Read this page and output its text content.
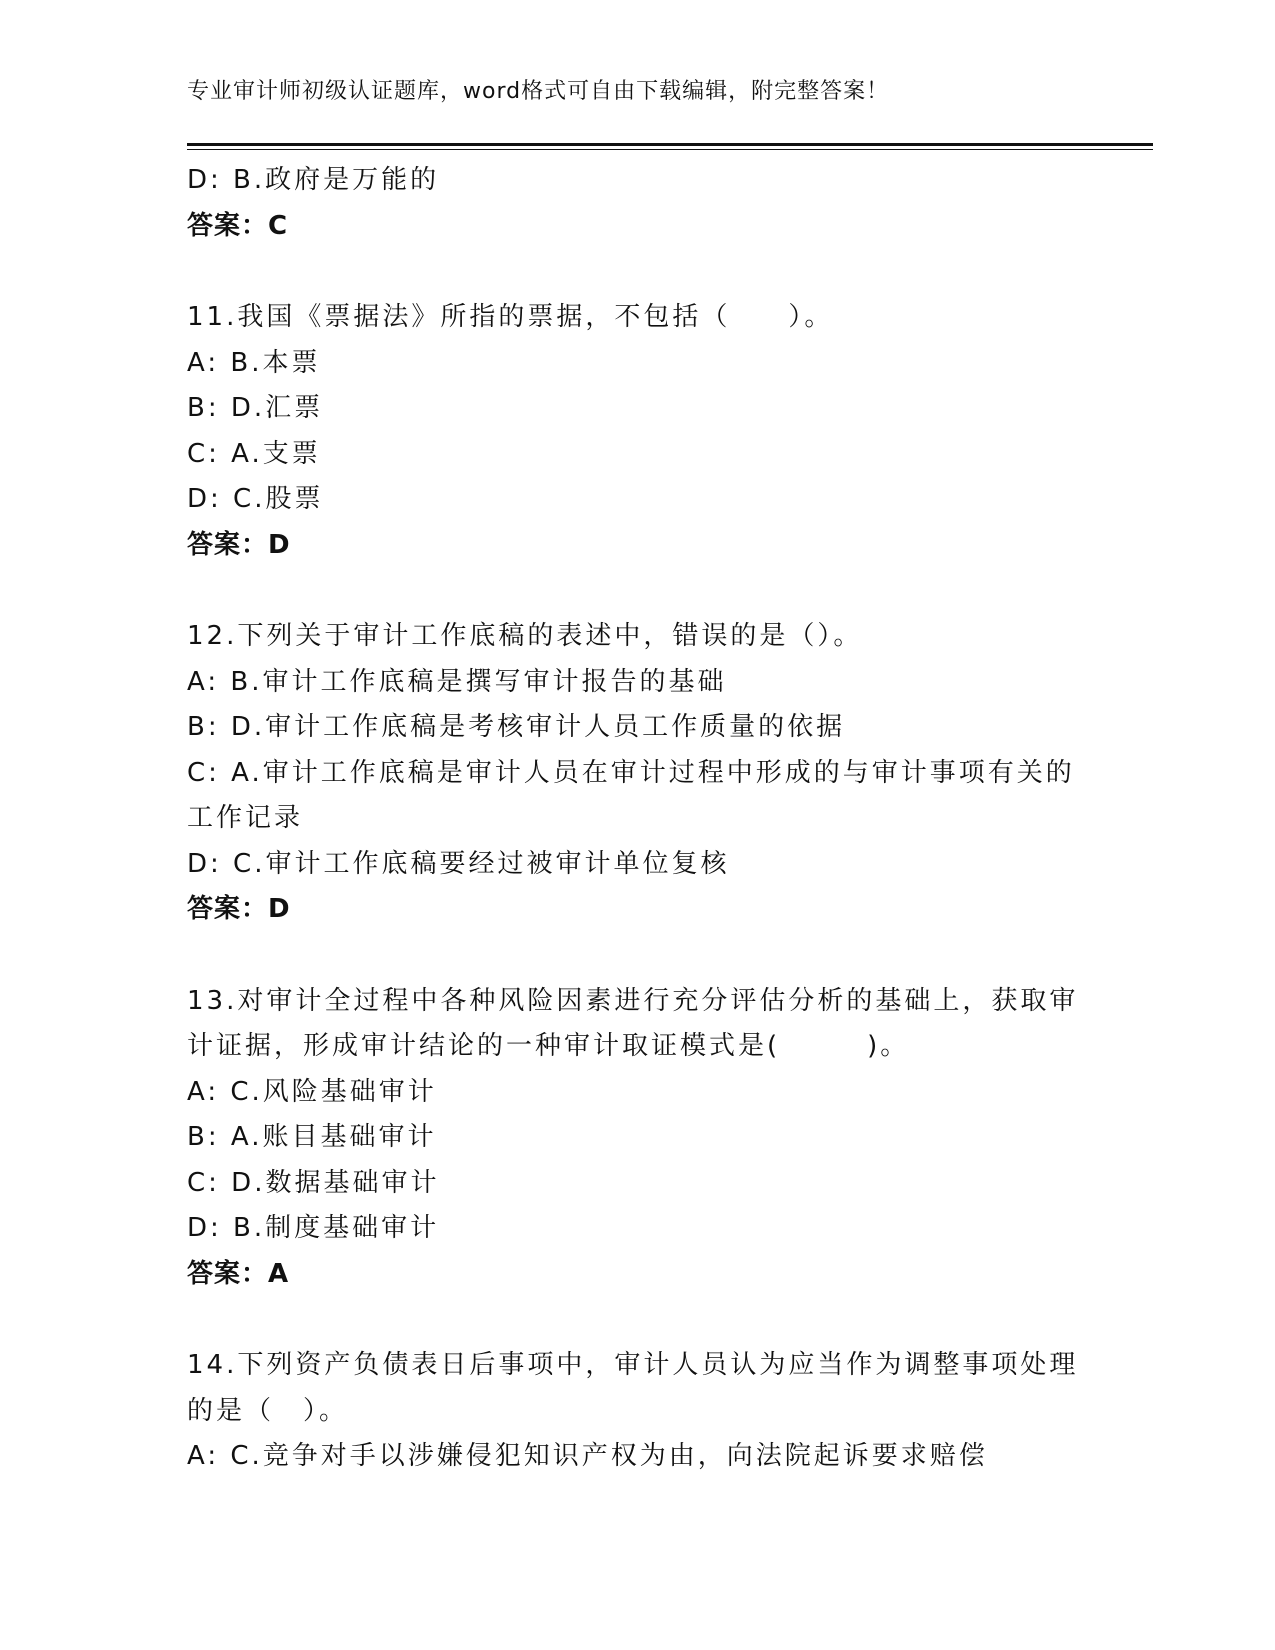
专业审计师初级认证题库，word格式可自由下载编辑，附完整答案！
D: B.政府是万能的
答案：C
11.我国《票据法》所指的票据，不包括（　　）。
A: B.本票
B: D.汇票
C: A.支票
D: C.股票
答案：D
12.下列关于审计工作底稿的表述中，错误的是（）。
A: B.审计工作底稿是撰写审计报告的基础
B: D.审计工作底稿是考核审计人员工作质量的依据
C: A.审计工作底稿是审计人员在审计过程中形成的与审计事项有关的
工作记录
D: C.审计工作底稿要经过被审计单位复核
答案：D
13.对审计全过程中各种风险因素进行充分评估分析的基础上，获取审
计证据，形成审计结论的一种审计取证模式是(　　　)。
A: C.风险基础审计
B: A.账目基础审计
C: D.数据基础审计
D: B.制度基础审计
答案：A
14.下列资产负债表日后事项中，审计人员认为应当作为调整事项处理
的是（　）。
A: C.竞争对手以涉嫌侵犯知识产权为由，向法院起诉要求赔偿
